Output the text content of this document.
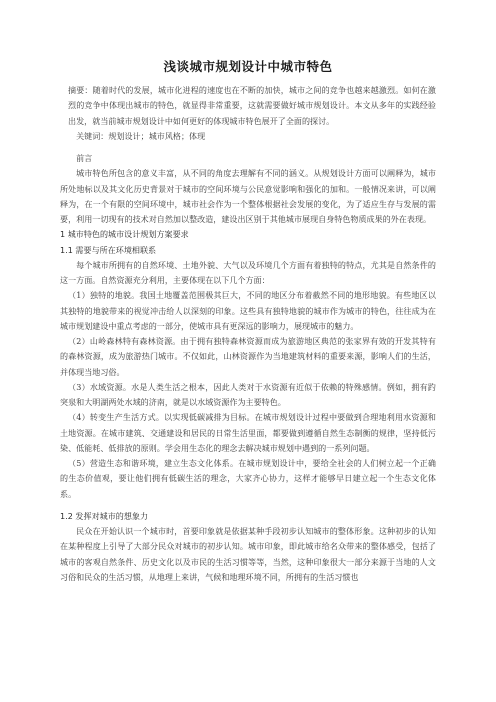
浅谈城市规划设计中城市特色

摘要：随着时代的发展，城市化进程的速度也在不断的加快，城市之间的竞争也越来越激烈。如何在激烈的竞争中体现出城市的特色，就显得非常重要，这就需要做好城市规划设计。本文从多年的实践经验出发，就当前城市规划设计中如何更好的体现城市特色展开了全面的探讨。

关键词：规划设计；城市风格；体现

前言

城市特色所包含的意义丰富，从不同的角度去理解有不同的涵义。从规划设计方面可以阐释为，城市所处地标以及其文化历史背景对于城市的空间环境与公民意觉影响和强化的加和。一般情况来讲，可以阐释为，在一个有限的空间环境中，城市社会作为一个整体根据社会发展的变化，为了适应生存与发展的需要，利用一切现有的技术对自然加以整改造，建设出区别于其他城市展现自身特色物质成果的外在表现。

1 城市特色的城市设计规划方案要求

1.1 需要与所在环境相联系

每个城市所拥有的自然环境、土地外貌、大气以及环境几个方面有着独特的特点，尤其是自然条件的这一方面。自然资源充分利用，主要体现在以下几个方面：

（1）独特的地貌。我国土地覆盖范围极其巨大，不同的地区分布着截然不同的地形地貌。有些地区以其独特的地貌带来的视觉冲击给人以深刻的印象。这些具有独特地貌的城市作为城市的特色，往往成为在城市规划建设中重点考虑的一部分，使城市具有更深远的影响力，展现城市的魅力。

（2）山岭森林特有森林资源。由于拥有独特森林资源而成为旅游地区典范的张家界有效的开发其特有的森林资源，成为旅游热门城市。不仅如此，山林资源作为当地建筑材料的重要来源，影响人们的生活，并体现当地习俗。

（3）水域资源。水是人类生活之根本，因此人类对于水资源有近似于依赖的特殊感情。例如，拥有趵突泉和大明湖两处水域的济南，就是以水域资源作为主要特色。

（4）转变生产生活方式。以实现低碳减排为目标。在城市规划设计过程中要做到合理地利用水资源和土地资源。在城市建筑、交通建设和居民的日常生活里面，都要做到遵循自然生态制衡的规律，坚持低污染、低能耗、低排放的原则。学会用生态化的理念去解决城市规划中遇到的一系列问题。

（5）营造生态和谐环境，建立生态文化体系。在城市规划设计中，要给全社会的人们树立起一个正确的生态价值观，要让他们拥有低碳生活的理念，大家齐心协力，这样才能够早日建立起一个生态文化体系。

1.2 发挥对城市的想象力

民众在开始认识一个城市时，首要印象就是依据某种手段初步认知城市的整体形象。这种初步的认知在某种程度上引导了大部分民众对城市的初步认知。城市印象，即此城市给名众带来的整体感受，包括了城市的客观自然条件、历史文化以及市民的生活习惯等等，当然，这种印象很大一部分来源于当地的人文习俗和民众的生活习惯，从地理上来讲，气候和地理环境不同，所拥有的生活习惯也
